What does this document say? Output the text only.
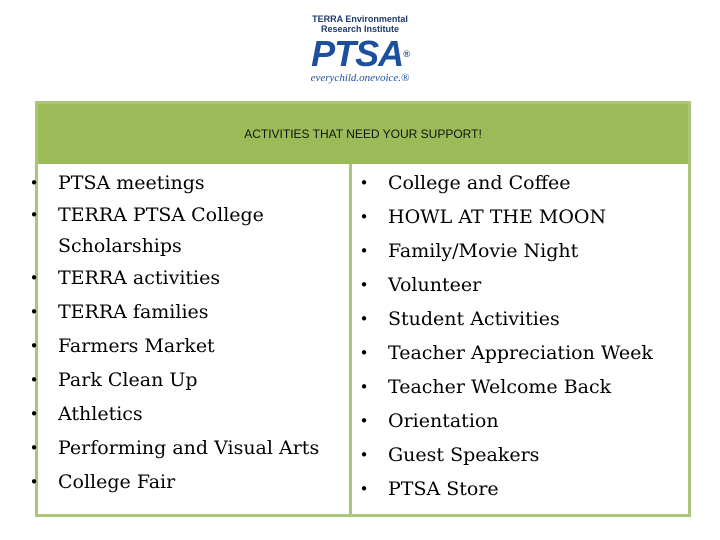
TERRA Environmental
Research Institute
PTSA®
everychild.onevoice.®
ACTIVITIES THAT NEED YOUR SUPPORT!
• PTSA meetings
• TERRA PTSA College
Scholarships
• TERRA activities
• TERRA families
• Farmers Market
• Park Clean Up
• Athletics
• Performing and Visual Arts
• College Fair
• College and Coffee
• HOWL AT THE MOON
• Family/Movie Night
• Volunteer
• Student Activities
• Teacher Appreciation Week
• Teacher Welcome Back
• Orientation
• Guest Speakers
• PTSA Store
